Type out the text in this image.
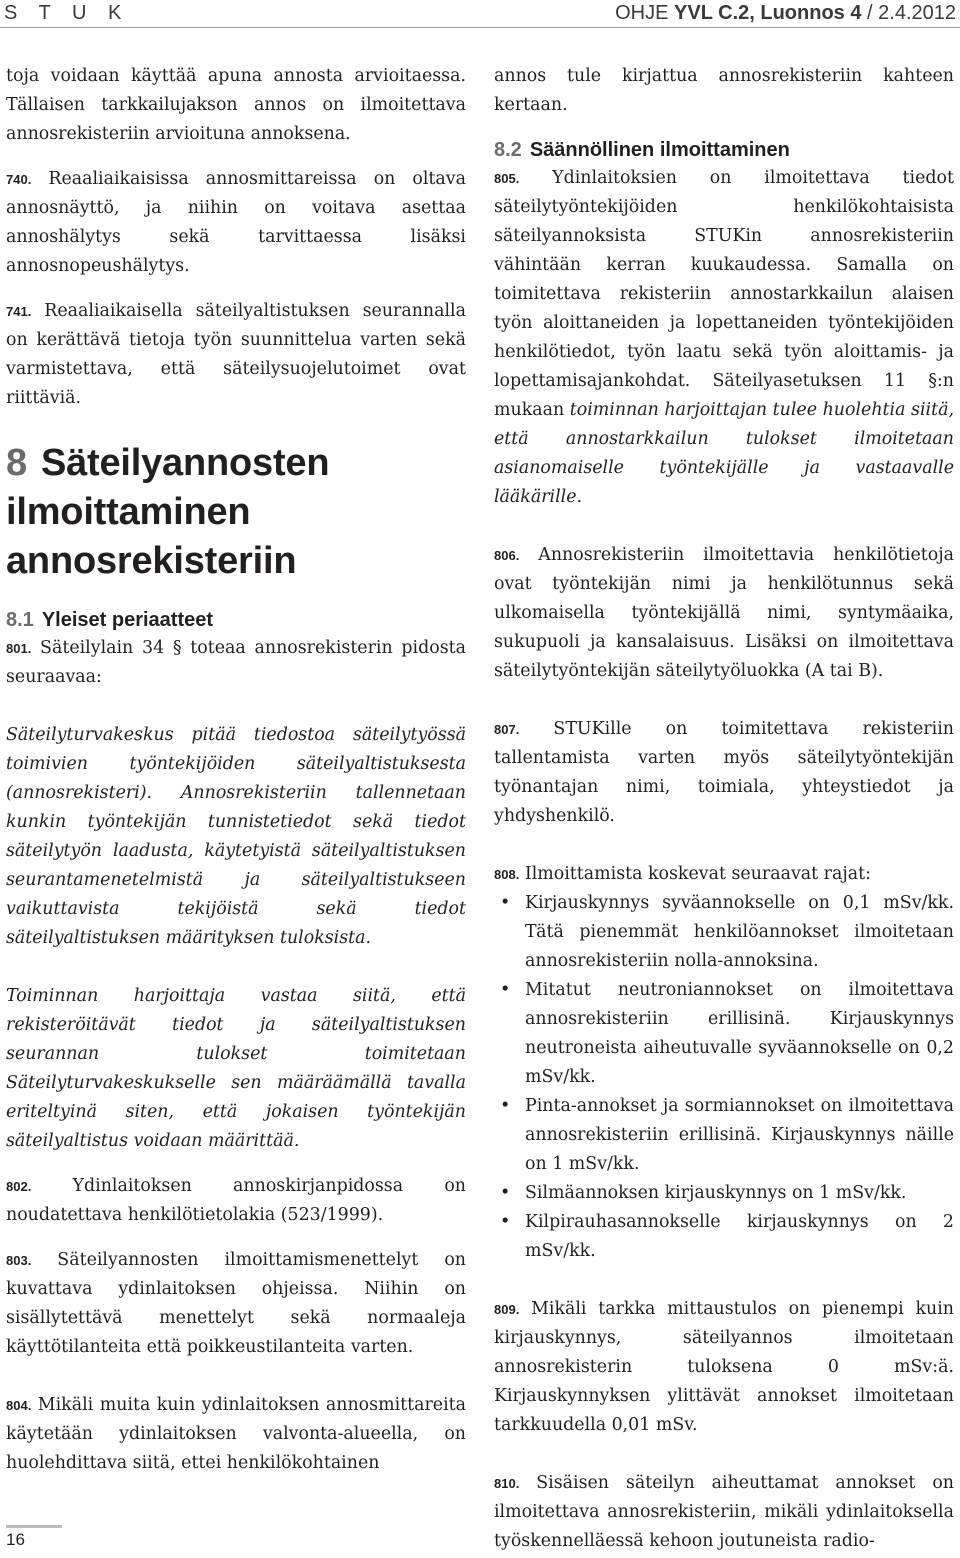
S T U K	OHJE YVL C.2, Luonnos 4 / 2.4.2012

toja voidaan käyttää apuna annosta arvioitaessa. Tällaisen tarkkailujakson annos on ilmoitettava annosrekisteriin arvioituna annoksena.

740. Reaaliaikaisissa annosmittareissa on oltava annosnäyttö, ja niihin on voitava asettaa annoshälytys sekä tarvittaessa lisäksi annosnopeushälytys.

741. Reaaliaikaisella säteilyaltistuksen seurannalla on kerättävä tietoja työn suunnittelua varten sekä varmistettava, että säteilysuojelutoimet ovat riittäviä.

8 Säteilyannosten ilmoittaminen annosrekisteriin
8.1 Yleiset periaatteet

801. Säteilylain 34 § toteaa annosrekisterin pidosta seuraavaa:

Säteilyturvakeskus pitää tiedostoa säteilytyössä toimivien työntekijöiden säteilyaltistuksesta (annosrekisteri). Annosrekisteriin tallennetaan kunkin työntekijän tunnistetiedot sekä tiedot säteilytyön laadusta, käytetyistä säteilyaltistuksen seurantamenetelmistä ja säteilyaltistukseen vaikuttavista tekijöistä sekä tiedot säteilyaltistuksen määrityksen tuloksista.

Toiminnan harjoittaja vastaa siitä, että rekisteröitävät tiedot ja säteilyaltistuksen seurannan tulokset toimitetaan Säteilyturvakeskukselle sen määräämällä tavalla eriteltyinä siten, että jokaisen työntekijän säteilyaltistus voidaan määrittää.

802. Ydinlaitoksen annoskirjanpidossa on noudatettava henkilötietolakia (523/1999).

803. Säteilyannosten ilmoittamismenettelyt on kuvattava ydinlaitoksen ohjeissa. Niihin on sisällytettävä menettelyt sekä normaaleja käyttötilanteita että poikkeustilanteita varten.

804. Mikäli muita kuin ydinlaitoksen annosmittareita käytetään ydinlaitoksen valvonta-alueella, on huolehdittava siitä, ettei henkilökohtainen

annos tule kirjattua annosrekisteriin kahteen kertaan.

8.2 Säännöllinen ilmoittaminen

805. Ydinlaitoksien on ilmoitettava tiedot säteilytyöntekijöiden henkilökohtaisista säteilyannoksista STUKin annosrekisteriin vähintään kerran kuukaudessa. Samalla on toimitettava rekisteriin annostarkkailun alaisen työn aloittaneiden ja lopettaneiden työntekijöiden henkilötiedot, työn laatu sekä työn aloittamis- ja lopettamisajankohdat. Säteilyasetuksen 11 §:n mukaan toiminnan harjoittajan tulee huolehtia siitä, että annostarkkailun tulokset ilmoitetaan asianomaiselle työntekijälle ja vastaavalle lääkärille.

806. Annosrekisteriin ilmoitettavia henkilötietoja ovat työntekijän nimi ja henkilötunnus sekä ulkomaisella työntekijällä nimi, syntymäaika, sukupuoli ja kansalaisuus. Lisäksi on ilmoitettava säteilytyöntekijän säteilytyöluokka (A tai B).

807. STUKille on toimitettava rekisteriin tallentamista varten myös säteilytyöntekijän työnantajan nimi, toimiala, yhteystiedot ja yhdyshenkilö.

808. Ilmoittamista koskevat seuraavat rajat:

• Kirjauskynnys syväannokselle on 0,1 mSv/kk. Tätä pienemmät henkilöannokset ilmoitetaan annosrekisteriin nolla-annoksina.
• Mitatut neutroniannokset on ilmoitettava annosrekisteriin erillisinä. Kirjauskynnys neutroneista aiheutuvalle syväannokselle on 0,2 mSv/kk.
• Pinta-annokset ja sormiannokset on ilmoitettava annosrekisteriin erillisinä. Kirjauskynnys näille on 1 mSv/kk.
• Silmäannoksen kirjauskynnys on 1 mSv/kk.
• Kilpirauhasannokselle kirjauskynnys on 2 mSv/kk.

809. Mikäli tarkka mittaustulos on pienempi kuin kirjauskynnys, säteilyannos ilmoitetaan annosrekisterin tuloksena 0 mSv:ä. Kirjauskynnyksen ylittävät annokset ilmoitetaan tarkkuudella 0,01 mSv.

810. Sisäisen säteilyn aiheuttamat annokset on ilmoitettava annosrekisteriin, mikäli ydinlaitoksella työskennelläessä kehoon joutuneista radio-

16
